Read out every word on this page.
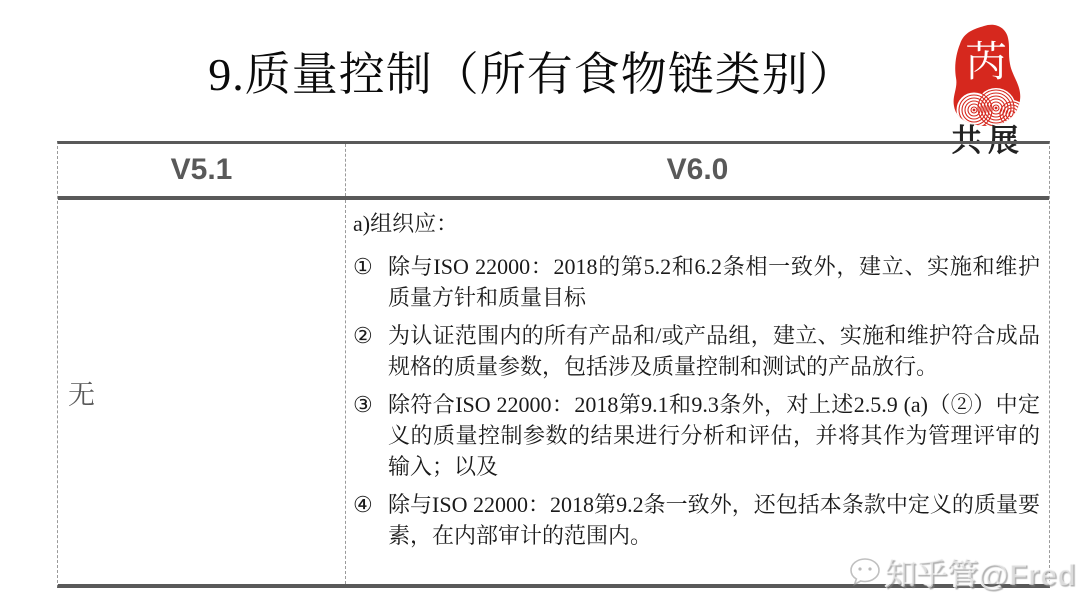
9.质量控制（所有食物链类别）	芮
共展
V5.1	V6.0
无
a)组织应：
① 除与ISO 22000：2018的第5.2和6.2条相一致外，建立、实施和维护质量方针和质量目标
② 为认证范围内的所有产品和/或产品组，建立、实施和维护符合成品规格的质量参数，包括涉及质量控制和测试的产品放行。
③ 除符合ISO 22000：2018第9.1和9.3条外，对上述2.5.9 (a)（②）中定义的质量控制参数的结果进行分析和评估，并将其作为管理评审的输入；以及
④ 除与ISO 22000：2018第9.2条一致外，还包括本条款中定义的质量要素，在内部审计的范围内。
知乎管@Fred
